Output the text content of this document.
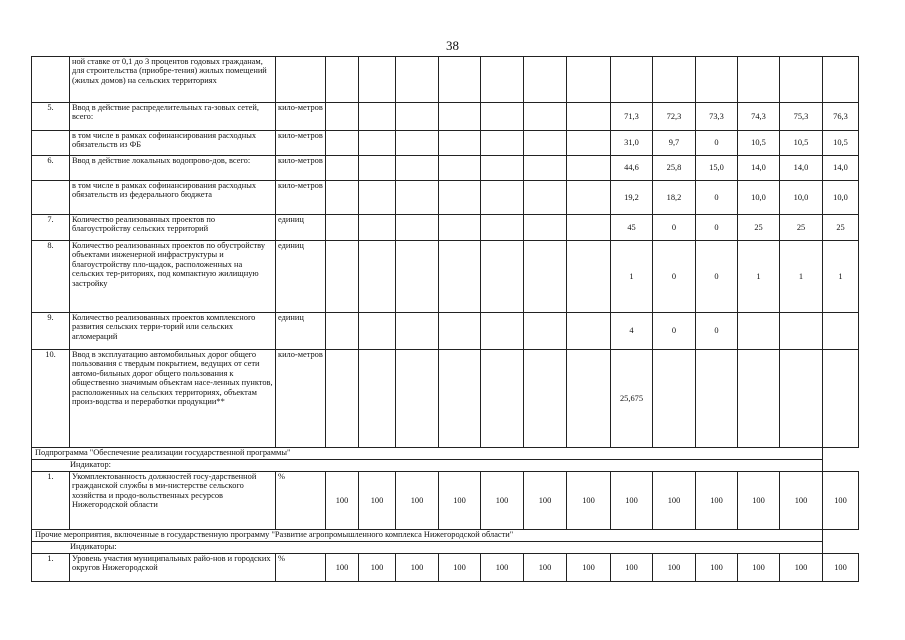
38
	ной ставке от 0,1 до 3 процентов годовых гражданам, для строительства (приобре-тения) жилых помещений (жилых домов) на сельских территориях														
5.	Ввод в действие распределительных га-зовых сетей, всего:	кило-метров								71,3	72,3	73,3	74,3	75,3	76,3
	в том числе в рамках софинансирования расходных обязательств из ФБ	кило-метров								31,0	9,7	0	10,5	10,5	10,5
6.	Ввод в действие локальных водопрово-дов, всего:	кило-метров								44,6	25,8	15,0	14,0	14,0	14,0
	в том числе в рамках софинансирования расходных обязательств из федерального бюджета	кило-метров								19,2	18,2	0	10,0	10,0	10,0
7.	Количество реализованных проектов по благоустройству сельских территорий	единиц								45	0	0	25	25	25
8.	Количество реализованных проектов по обустройству объектами инженерной инфраструктуры и благоустройству пло-щадок, расположенных на сельских тер-риториях, под компактную жилищную застройку	единиц								1	0	0	1	1	1
9.	Количество реализованных проектов комплексного развития сельских терри-торий или сельских агломераций	единиц								4	0	0			
10.	Ввод в эксплуатацию автомобильных дорог общего пользования с твердым покрытием, ведущих от сети автомо-бильных дорог общего пользования к общественно значимым объектам насе-ленных пунктов, расположенных на сельских территориях, объектам произ-водства и переработки продукции**	кило-метров								25,675					
Подпрограмма "Обеспечение реализации государственной программы"															
Индикатор:															
1.	Укомплектованность должностей госу-дарственной гражданской службы в ми-нистерстве сельского хозяйства и продо-вольственных ресурсов Нижегородской области	%	100	100	100	100	100	100	100	100	100	100	100	100	100
Прочие мероприятия, включенные в государственную программу "Развитие агропромышленного комплекса Нижегородской области"															
Индикаторы:															
1.	Уровень участия муниципальных райо-нов и городских округов Нижегородской	%	100	100	100	100	100	100	100	100	100	100	100	100	100
